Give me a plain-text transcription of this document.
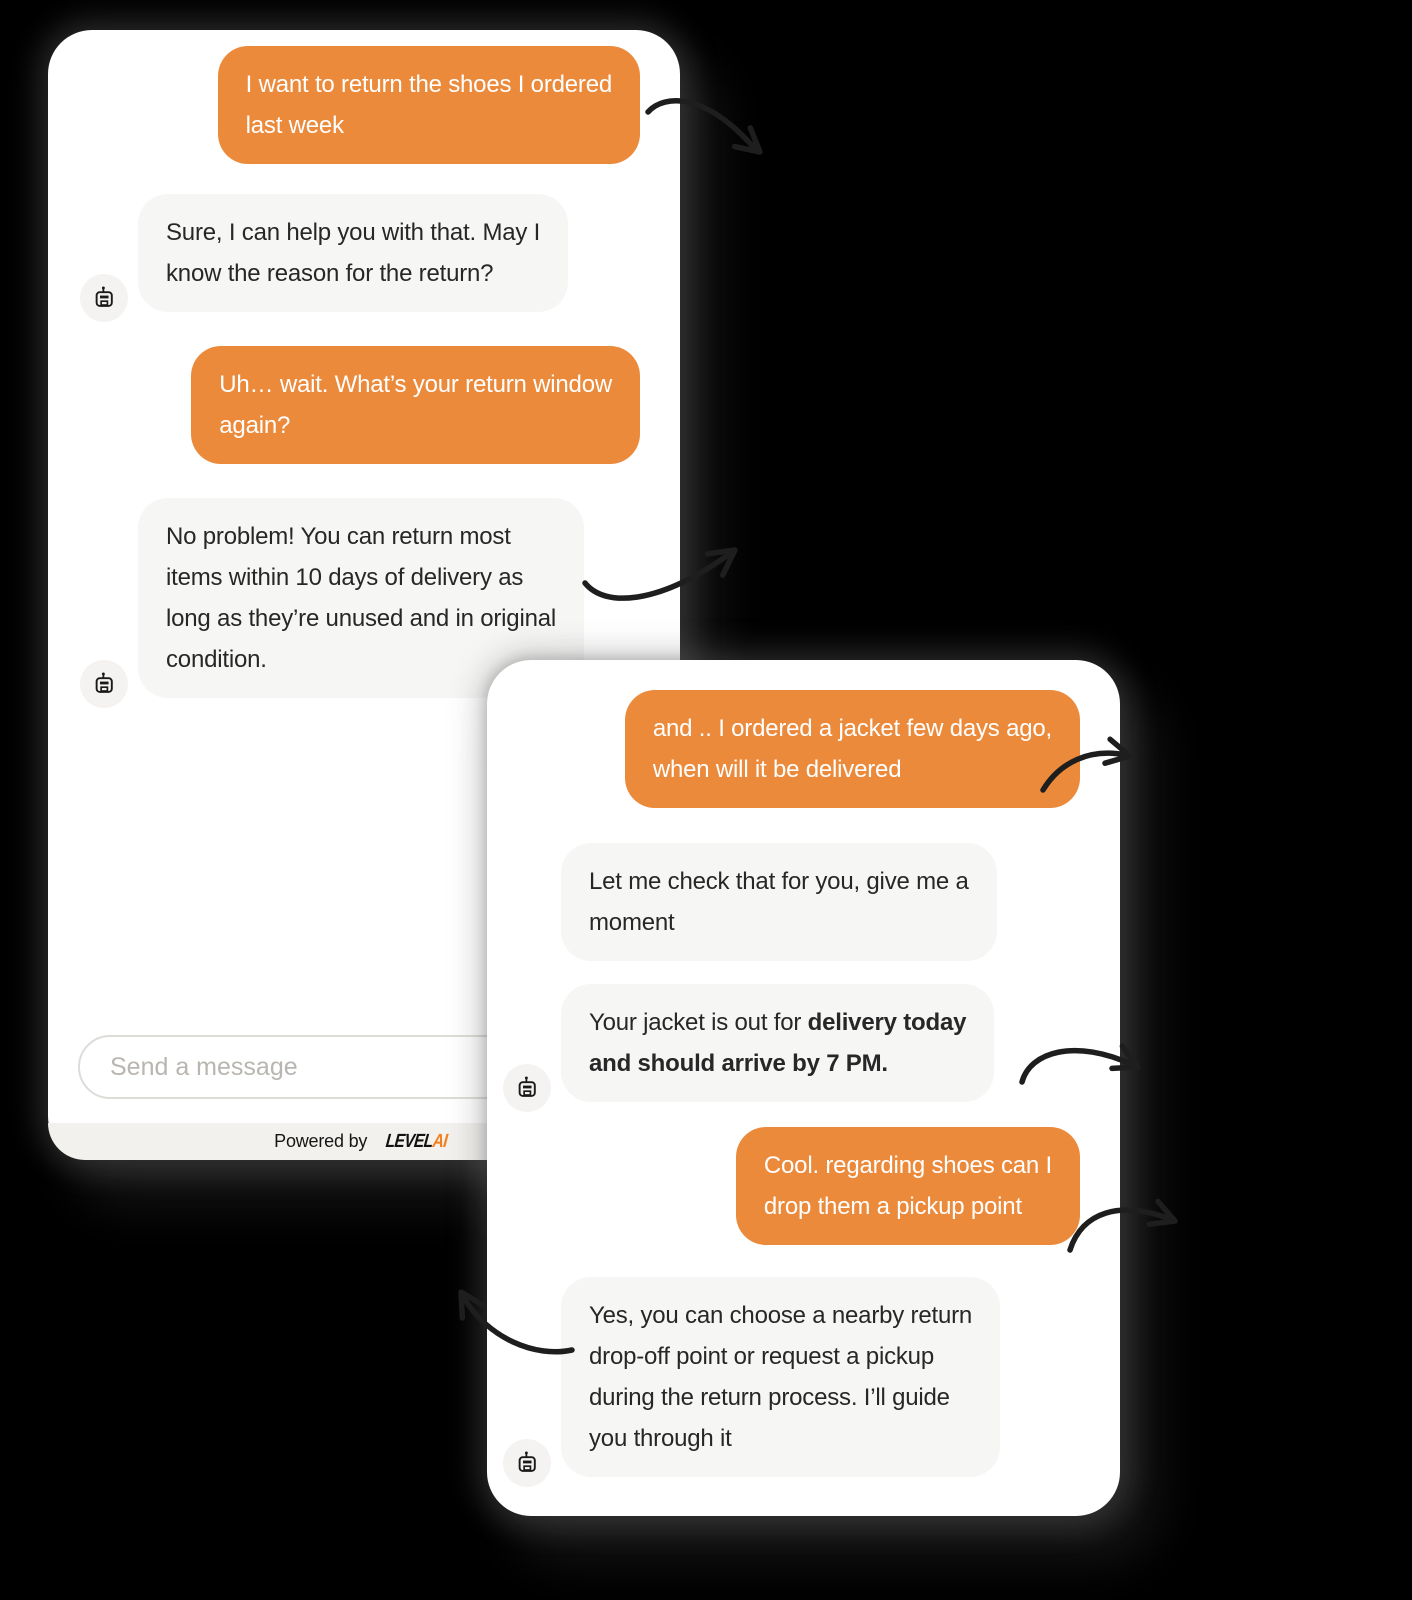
I want to return the shoes I ordered
last week
Sure, I can help you with that. May I
know the reason for the return?
Uh… wait. What’s your return window
again?
No problem! You can return most
items within 10 days of delivery as
long as they’re unused and in original
condition.
Send a message
Powered by LEVELAI
and .. I ordered a jacket few days ago,
when will it be delivered
Let me check that for you, give me a
moment
Your jacket is out for delivery today
and should arrive by 7 PM.
Cool. regarding shoes can I
drop them a pickup point
Yes, you can choose a nearby return
drop-off point or request a pickup
during the return process. I’ll guide
you through it
